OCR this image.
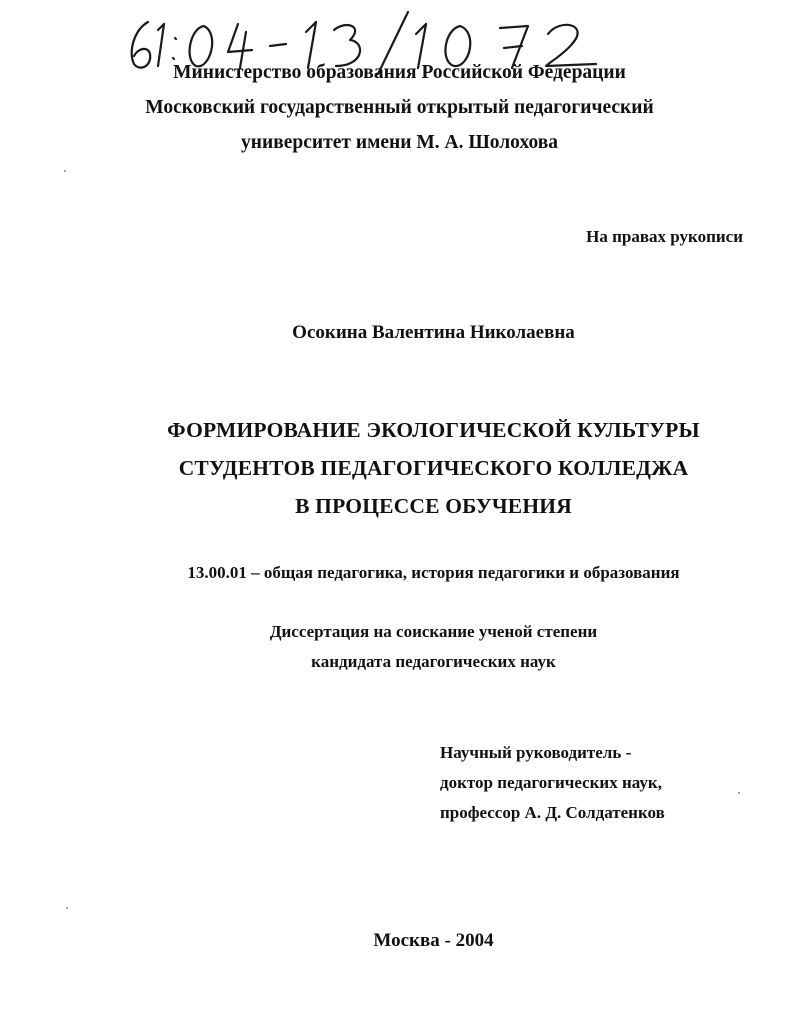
Министерство образования Российской Федерации

Московский государственный открытый педагогический

университет имени М. А. Шолохова

На правах рукописи

Осокина Валентина Николаевна

ФОРМИРОВАНИЕ ЭКОЛОГИЧЕСКОЙ КУЛЬТУРЫ

СТУДЕНТОВ ПЕДАГОГИЧЕСКОГО КОЛЛЕДЖА

В ПРОЦЕССЕ ОБУЧЕНИЯ

13.00.01 – общая педагогика, история педагогики и образования

Диссертация на соискание ученой степени

кандидата педагогических наук

Научный руководитель -

доктор педагогических наук,

профессор А. Д. Солдатенков

Москва - 2004
